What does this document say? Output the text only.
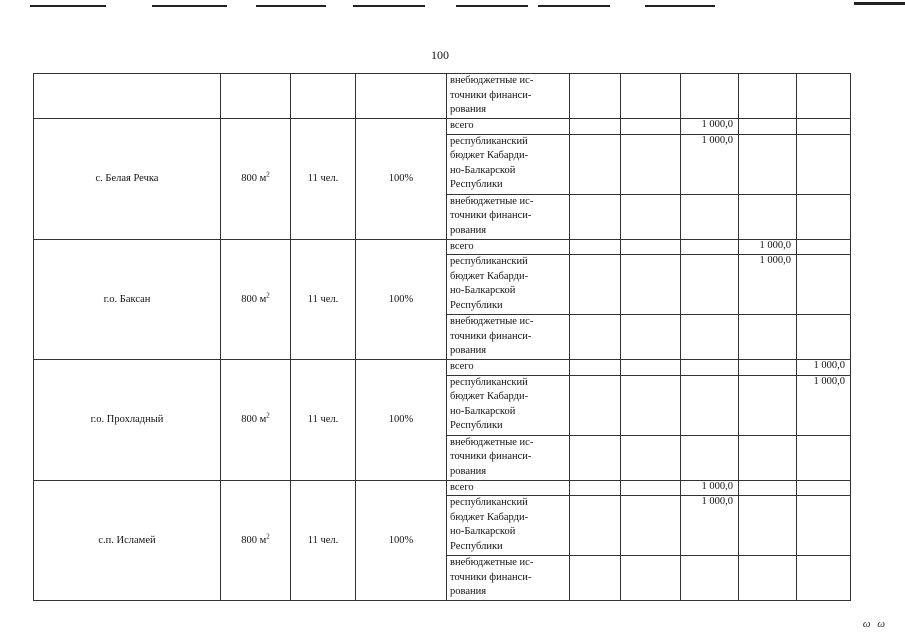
100
				внебюджетные ис-
точники финанси-
рования					
с. Белая Речка	800 $м^2$	11 чел.	100%	всего			1 000,0		
				республиканский
бюджет Кабарди-
но-Балкарской
Республики			1 000,0		
				внебюджетные ис-
точники финанси-
рования					
г.о. Баксан	800 $м^2$	11 чел.	100%	всего				1 000,0	
				республиканский
бюджет Кабарди-
но-Балкарской
Республики				1 000,0	
				внебюджетные ис-
точники финанси-
рования					
г.о. Прохладный	800 $м^2$	11 чел.	100%	всего					1 000,0
				республиканский
бюджет Кабарди-
но-Балкарской
Республики					1 000,0
				внебюджетные ис-
точники финанси-
рования					
с.п. Исламей	800 $м^2$	11 чел.	100%	всего			1 000,0		
				республиканский
бюджет Кабарди-
но-Балкарской
Республики			1 000,0		
				внебюджетные ис-
точники финанси-
рования					
ω ω
